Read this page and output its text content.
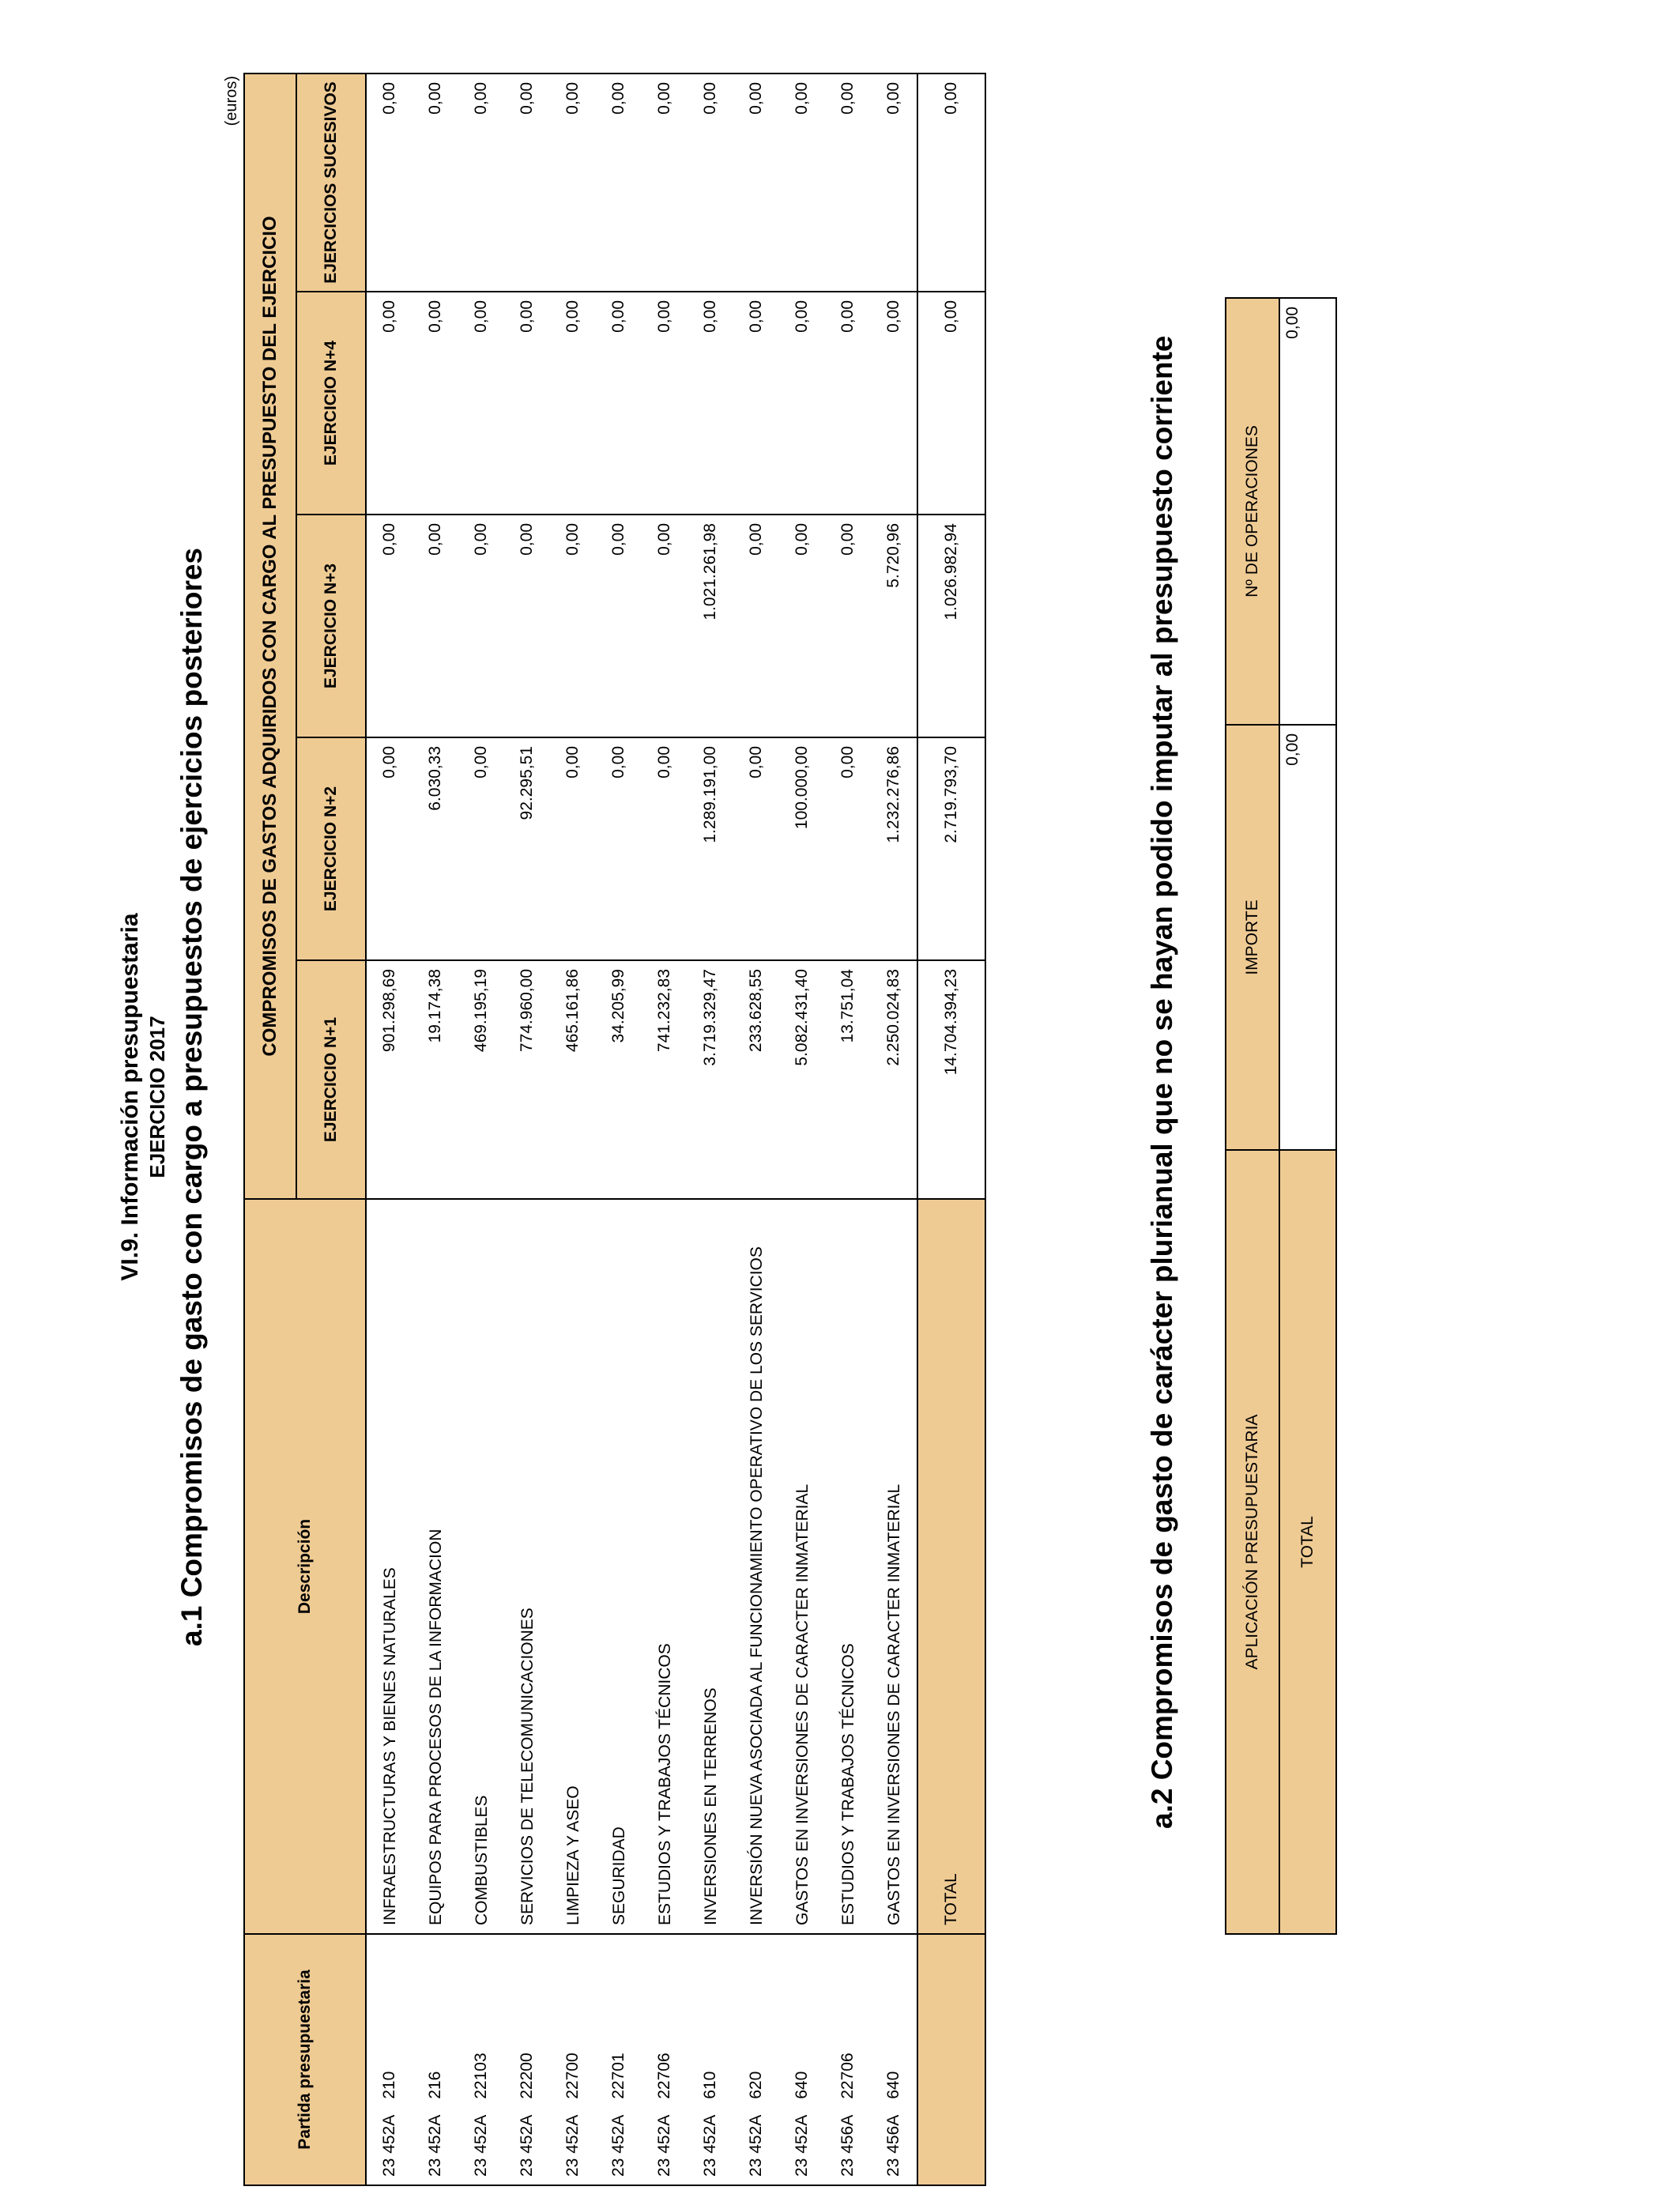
VI.9. Información presupuestaria EJERCICIO 2017 a.1 Compromisos de gasto con cargo a presupuestos de ejercicios posteriores
(euros)
Partida presupuestaria	Descripción	COMPROMISOS DE GASTOS ADQUIRIDOS CON CARGO AL PRESUPUESTO DEL EJERCICIO				
		EJERCICIO N+1	EJERCICIO N+2	EJERCICIO N+3	EJERCICIO N+4	EJERCICIOS SUCESIVOS
23 452A210	INFRAESTRUCTURAS Y BIENES NATURALES	901.298,69	0,00	0,00	0,00	0,00
23 452A216	EQUIPOS PARA PROCESOS DE LA INFORMACION	19.174,38	6.030,33	0,00	0,00	0,00
23 452A22103	COMBUSTIBLES	469.195,19	0,00	0,00	0,00	0,00
23 452A22200	SERVICIOS DE TELECOMUNICACIONES	774.960,00	92.295,51	0,00	0,00	0,00
23 452A22700	LIMPIEZA Y ASEO	465.161,86	0,00	0,00	0,00	0,00
23 452A22701	SEGURIDAD	34.205,99	0,00	0,00	0,00	0,00
23 452A22706	ESTUDIOS Y TRABAJOS TÉCNICOS	741.232,83	0,00	0,00	0,00	0,00
23 452A610	INVERSIONES EN TERRENOS	3.719.329,47	1.289.191,00	1.021.261,98	0,00	0,00
23 452A620	INVERSIÓN NUEVA ASOCIADA AL FUNCIONAMIENTO OPERATIVO DE LOS SERVICIOS	233.628,55	0,00	0,00	0,00	0,00
23 452A640	GASTOS EN INVERSIONES DE CARACTER INMATERIAL	5.082.431,40	100.000,00	0,00	0,00	0,00
23 456A22706	ESTUDIOS Y TRABAJOS TÉCNICOS	13.751,04	0,00	0,00	0,00	0,00
23 456A640	GASTOS EN INVERSIONES DE CARACTER INMATERIAL	2.250.024,83	1.232.276,86	5.720,96	0,00	0,00
	TOTAL	14.704.394,23	2.719.793,70	1.026.982,94	0,00	0,00
a.2 Compromisos de gasto de carácter plurianual que no se hayan podido imputar al presupuesto corriente	APLICACIÓN PRESUPUESTARIA	IMPORTE	Nº DE OPERACIONES
TOTAL	0,00	0,00
